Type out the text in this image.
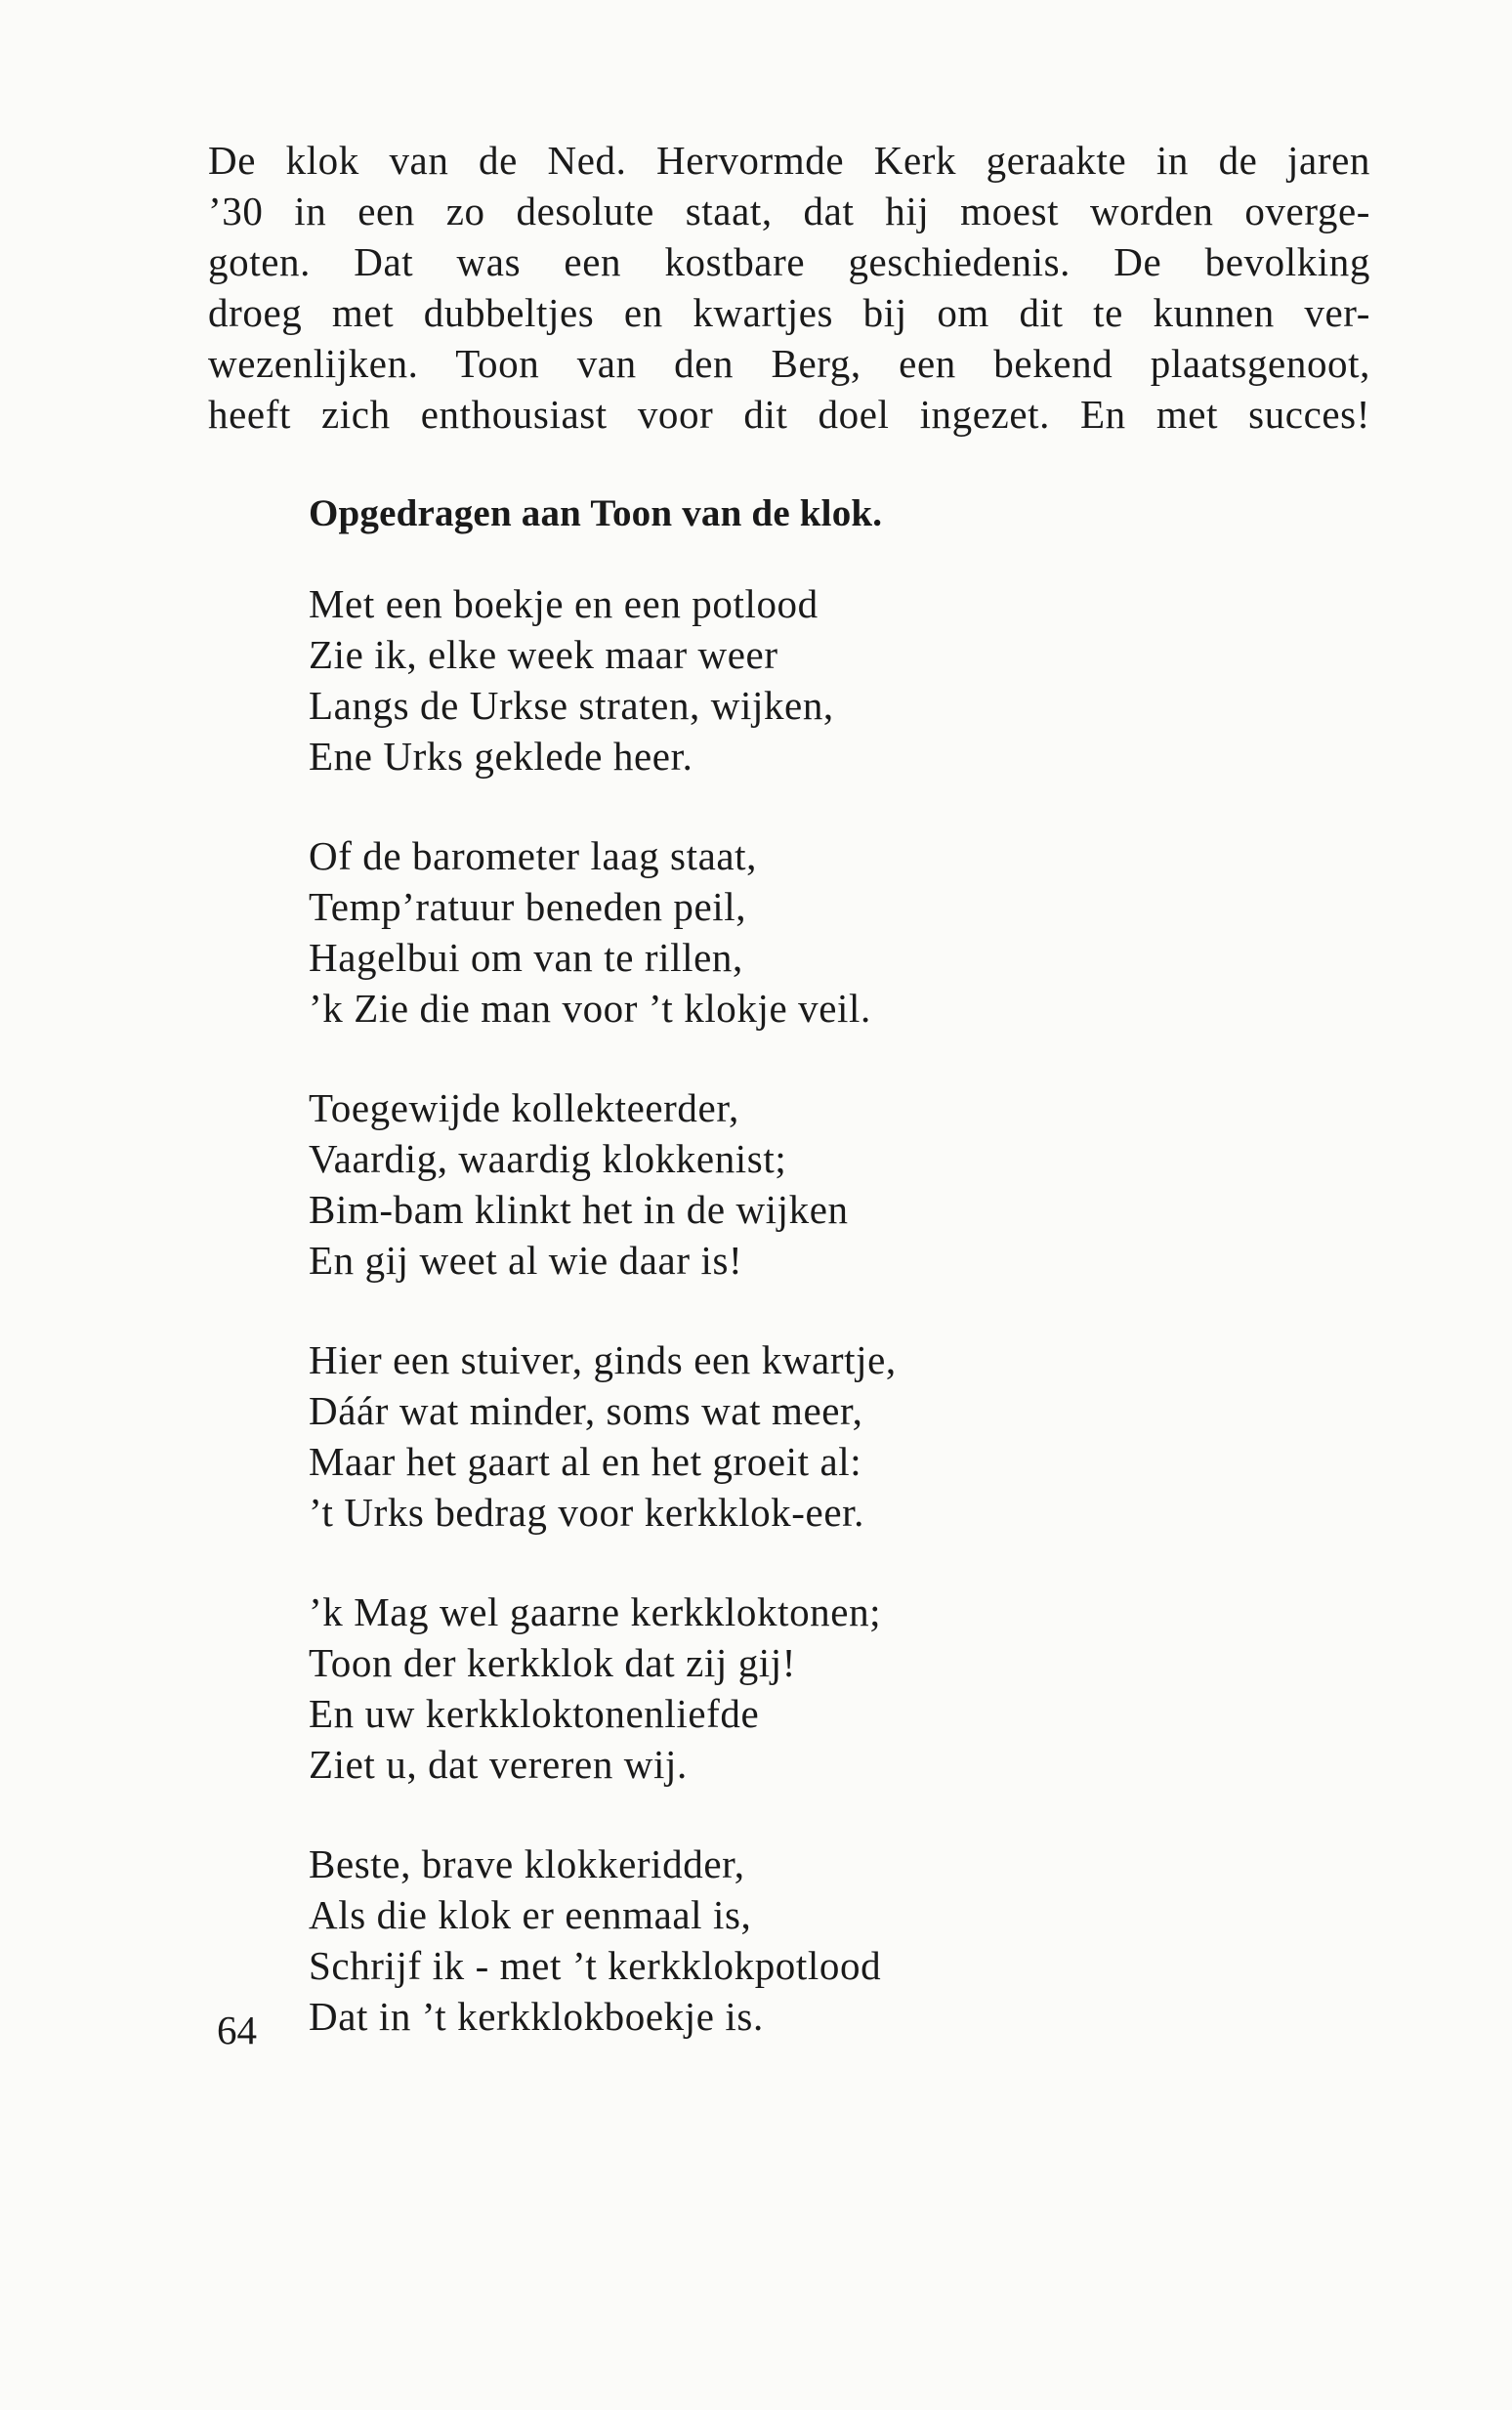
De klok van de Ned. Hervormde Kerk geraakte in de jaren
’30 in een zo desolute staat, dat hij moest worden overge-
goten. Dat was een kostbare geschiedenis. De bevolking
droeg met dubbeltjes en kwartjes bij om dit te kunnen ver-
wezenlijken. Toon van den Berg, een bekend plaatsgenoot,
heeft zich enthousiast voor dit doel ingezet. En met succes!
Opgedragen aan Toon van de klok.
Met een boekje en een potlood
Zie ik, elke week maar weer
Langs de Urkse straten, wijken,
Ene Urks geklede heer.
Of de barometer laag staat,
Temp’ratuur beneden peil,
Hagelbui om van te rillen,
’k Zie die man voor ’t klokje veil.
Toegewijde kollekteerder,
Vaardig, waardig klokkenist;
Bim-bam klinkt het in de wijken
En gij weet al wie daar is!
Hier een stuiver, ginds een kwartje,
Dáár wat minder, soms wat meer,
Maar het gaart al en het groeit al:
’t Urks bedrag voor kerkklok-eer.
’k Mag wel gaarne kerkkloktonen;
Toon der kerkklok dat zij gij!
En uw kerkkloktonenliefde
Ziet u, dat vereren wij.
Beste, brave klokkeridder,
Als die klok er eenmaal is,
Schrijf ik - met ’t kerkklokpotlood
Dat in ’t kerkklokboekje is.
64
